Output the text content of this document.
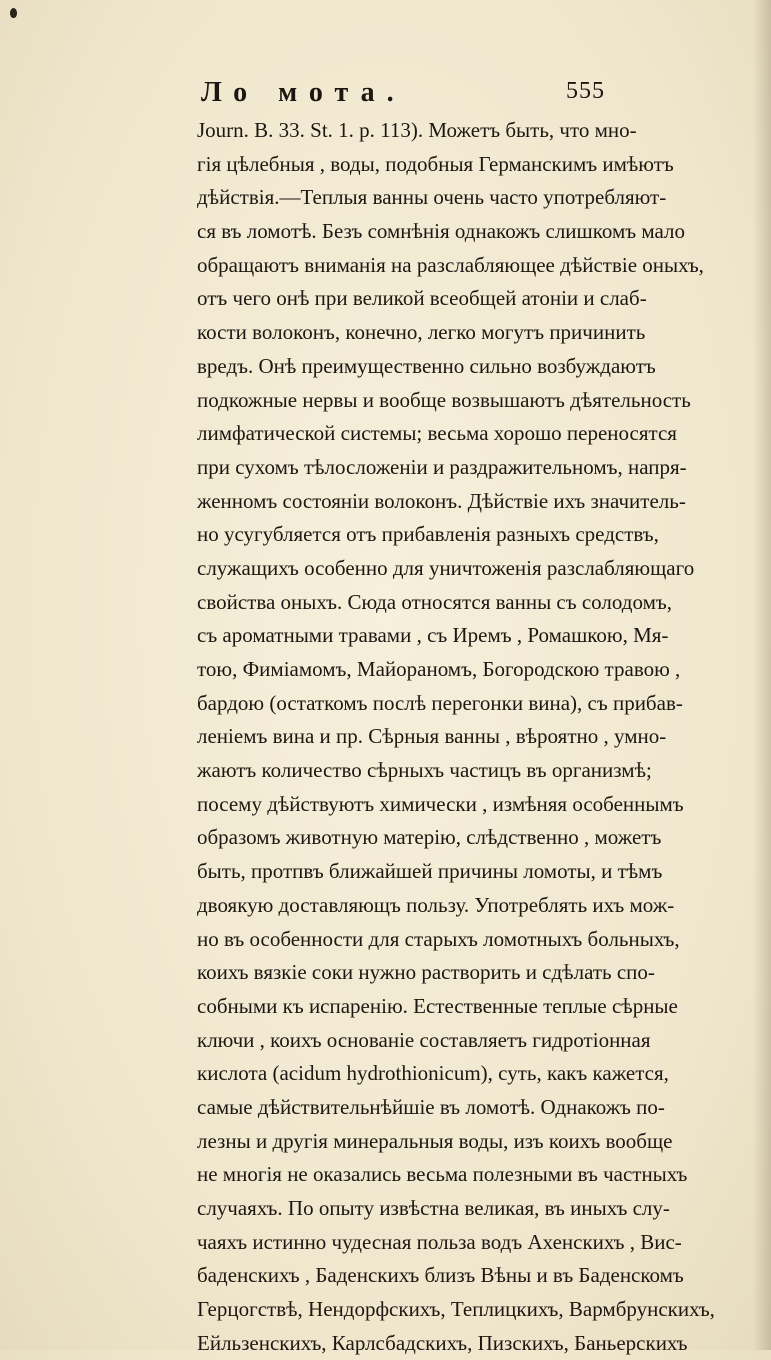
Ло мота.	555
Journ. B. 33. St. 1. p. 113). Можетъ быть, что мно-
гія цѣлебныя , воды, подобныя Германскимъ имѣютъ
дѣйствія.—Теплыя ванны очень часто употребляют-
ся въ ломотѣ. Безъ сомнѣнія однакожъ слишкомъ мало
обращаютъ вниманія на разслабляющее дѣйствіе оныхъ,
отъ чего онѣ при великой всеобщей атоніи и слаб-
кости волоконъ, конечно, легко могутъ причинить
вредъ. Онѣ преимущественно сильно возбуждаютъ
подкожные нервы и вообще возвышаютъ дѣятельность
лимфатической системы; весьма хорошо переносятся
при сухомъ тѣлосложеніи и раздражительномъ, напря-
женномъ состояніи волоконъ. Дѣйствіе ихъ значитель-
но усугубляется отъ прибавленія разныхъ средствъ,
служащихъ особенно для уничтоженія разслабляющаго
свойства оныхъ. Сюда относятся ванны съ солодомъ,
съ ароматными травами , съ Иремъ , Ромашкою, Мя-
тою, Фиміамомъ, Майораномъ, Богородскою травою ,
бардою (остаткомъ послѣ перегонки вина), съ прибав-
леніемъ вина и пр. Сѣрныя ванны , вѣроятно , умно-
жаютъ количество сѣрныхъ частицъ въ организмѣ;
посему дѣйствуютъ химически , измѣняя особеннымъ
образомъ животную матерію, слѣдственно , можетъ
быть, протпвъ ближайшей причины ломоты, и тѣмъ
двоякую доставляющъ пользу. Употреблять ихъ мож-
но въ особенности для старыхъ ломотныхъ больныхъ,
коихъ вязкіе соки нужно растворить и сдѣлать спо-
собными къ испаренію. Естественные теплые сѣрные
ключи , коихъ основаніе составляетъ гидротіонная
кислота (acidum hydrothionicum), суть, какъ кажется,
самые дѣйствительнѣйшіе въ ломотѣ. Однакожъ по-
лезны и другія минеральныя воды, изъ коихъ вообще
не многія не оказались весьма полезными въ частныхъ
случаяхъ. По опыту извѣстна великая, въ иныхъ слу-
чаяхъ истинно чудесная польза водъ Ахенскихъ , Вис-
баденскихъ , Баденскихъ близъ Вѣны и въ Баденскомъ
Герцогствѣ, Нендорфскихъ, Теплицкихъ, Вармбрунскихъ,
Ейльзенскихъ, Карлсбадскихъ, Пизскихъ, Баньерскихъ
